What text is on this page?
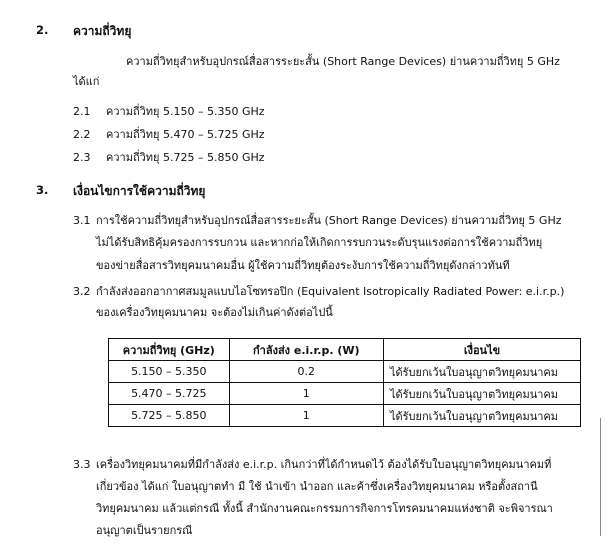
2. ความถี่วิทยุ
ความถี่วิทยุสำหรับอุปกรณ์สื่อสารระยะสั้น (Short Range Devices) ย่านความถี่วิทยุ 5 GHz
ได้แก่
2.1 ความถี่วิทยุ 5.150 – 5.350 GHz
2.2 ความถี่วิทยุ 5.470 – 5.725 GHz
2.3 ความถี่วิทยุ 5.725 – 5.850 GHz
3. เงื่อนไขการใช้ความถี่วิทยุ
3.1 การใช้ความถี่วิทยุสำหรับอุปกรณ์สื่อสารระยะสั้น (Short Range Devices) ย่านความถี่วิทยุ 5 GHz
ไม่ได้รับสิทธิคุ้มครองการรบกวน และหากก่อให้เกิดการรบกวนระดับรุนแรงต่อการใช้ความถี่วิทยุ
ของข่ายสื่อสารวิทยุคมนาคมอื่น ผู้ใช้ความถี่วิทยุต้องระงับการใช้ความถี่วิทยุดังกล่าวทันที
3.2 กำลังส่งออกอากาศสมมูลแบบไอโซทรอปิก (Equivalent Isotropically Radiated Power: e.i.r.p.)
ของเครื่องวิทยุคมนาคม จะต้องไม่เกินค่าดังต่อไปนี้
ความถี่วิทยุ (GHz)	กำลังส่ง e.i.r.p. (W)	เงื่อนไข
5.150 – 5.350	0.2	ได้รับยกเว้นใบอนุญาตวิทยุคมนาคม
5.470 – 5.725	1	ได้รับยกเว้นใบอนุญาตวิทยุคมนาคม
5.725 – 5.850	1	ได้รับยกเว้นใบอนุญาตวิทยุคมนาคม
3.3 เครื่องวิทยุคมนาคมที่มีกำลังส่ง e.i.r.p. เกินกว่าที่ได้กำหนดไว้ ต้องได้รับใบอนุญาตวิทยุคมนาคมที่
เกี่ยวข้อง ได้แก่ ใบอนุญาตทำ มี ใช้ นำเข้า นำออก และค้าซึ่งเครื่องวิทยุคมนาคม หรือตั้งสถานี
วิทยุคมนาคม แล้วแต่กรณี ทั้งนี้ สำนักงานคณะกรรมการกิจการโทรคมนาคมแห่งชาติ จะพิจารณา
อนุญาตเป็นรายกรณี
